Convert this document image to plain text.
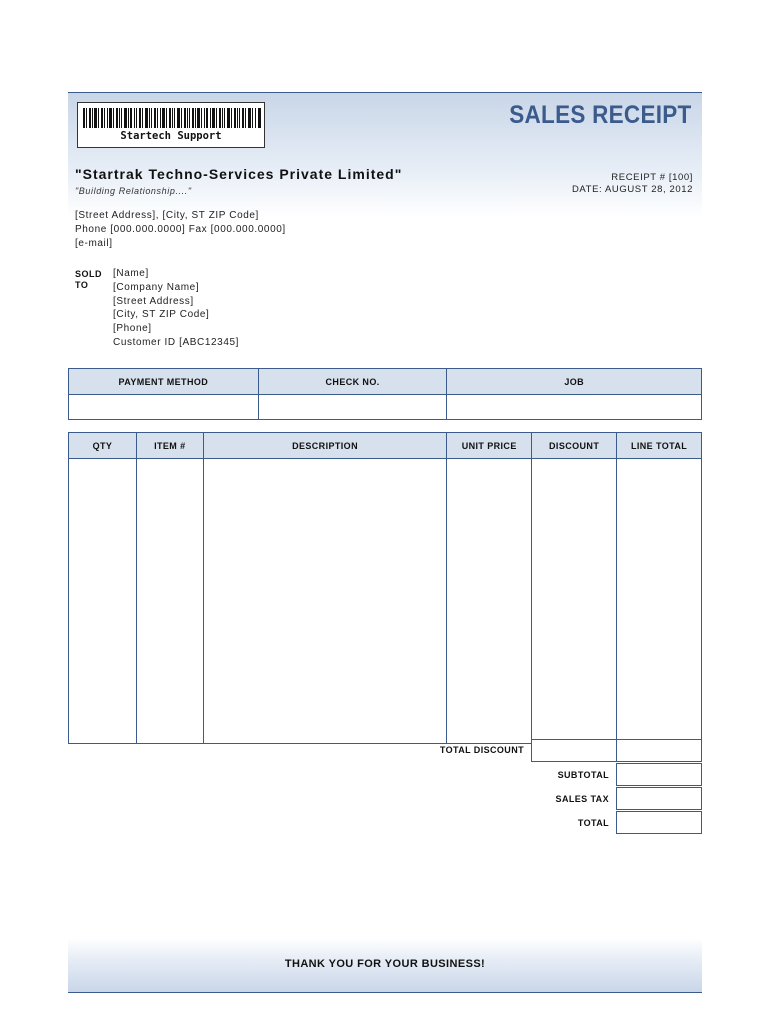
Startech Support
SALES RECEIPT
"Startrak Techno-Services Private Limited"
"Building Relationship...."
RECEIPT # [100]
DATE: AUGUST 28, 2012
[Street Address], [City, ST ZIP Code]
Phone [000.000.0000] Fax [000.000.0000]
[e-mail]
SOLD
TO
[Name]
[Company Name]
[Street Address]
[City, ST ZIP Code]
[Phone]
Customer ID [ABC12345]
PAYMENT METHOD	CHECK NO.	JOB

QTY	ITEM #	DESCRIPTION	UNIT PRICE	DISCOUNT	LINE TOTAL

TOTAL DISCOUNT
SUBTOTAL
SALES TAX
TOTAL
THANK YOU FOR YOUR BUSINESS!
